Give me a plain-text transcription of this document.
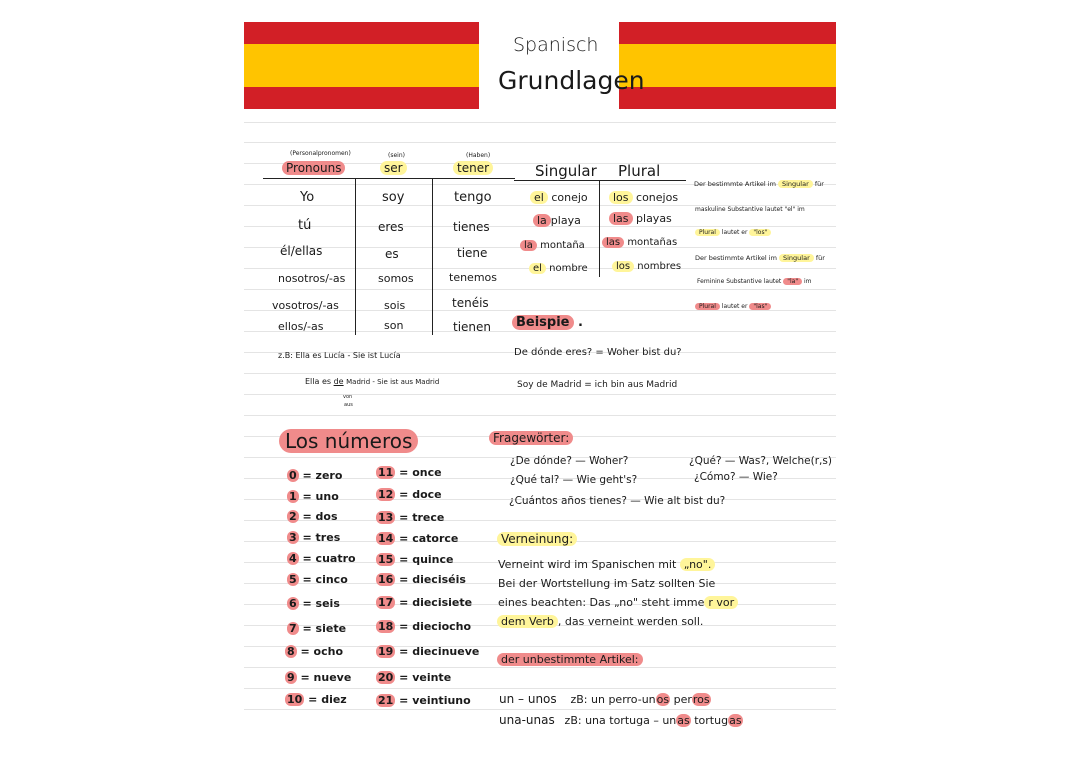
Spanisch
Grundlagen
(Personalpronomen)	(sein)	(Haben)
Pronouns	ser	tener
Yo	soy	tengo
tú	eres	tienes
él/ellas	es	tiene
nosotros/-as	somos	tenemos
vosotros/-as	sois	tenéis
ellos/-as	son	tienen
z.B: Ella es Lucía - Sie ist Lucía
Ella es de Madrid - Sie ist aus Madrid
von
aus
Singular Plural
el conejo	los conejos
la playa	las playas
la montaña	las montañas
el nombre	los nombres
Der bestimmte Artikel im Singular für
maskuline Substantive lautet "el" im
Plural lautet er "los"
Der bestimmte Artikel im Singular für
Feminine Substantive lautet "la" im
Plural lautet er "las"
Beispie .
De dónde eres? = Woher bist du?
Soy de Madrid = ich bin aus Madrid
Los números
0 = zero
1 = uno
2 = dos
3 = tres
4 = cuatro
5 = cinco
6 = seis
7 = siete
8 = ocho
9 = nueve
10 = diez
11 = once
12 = doce
13 = trece
14 = catorce
15 = quince
16 = dieciséis
17 = diecisiete
18 = dieciocho
19 = diecinueve
20 = veinte
21 = veintiuno
Fragewörter:
¿De dónde? — Woher?	¿Qué? — Was?, Welche(r,s)
¿Qué tal? — Wie geht's?	¿Cómo? — Wie?
¿Cuántos años tienes? — Wie alt bist du?
Verneinung:
Verneint wird im Spanischen mit „no".
Bei der Wortstellung im Satz sollten Sie
eines beachten: Das „no" steht imme r vor
dem Verb , das verneint werden soll.
der unbestimmte Artikel:
un – unos zB: un perro-unos perros
una-unas zB: una tortuga – unas tortugas
